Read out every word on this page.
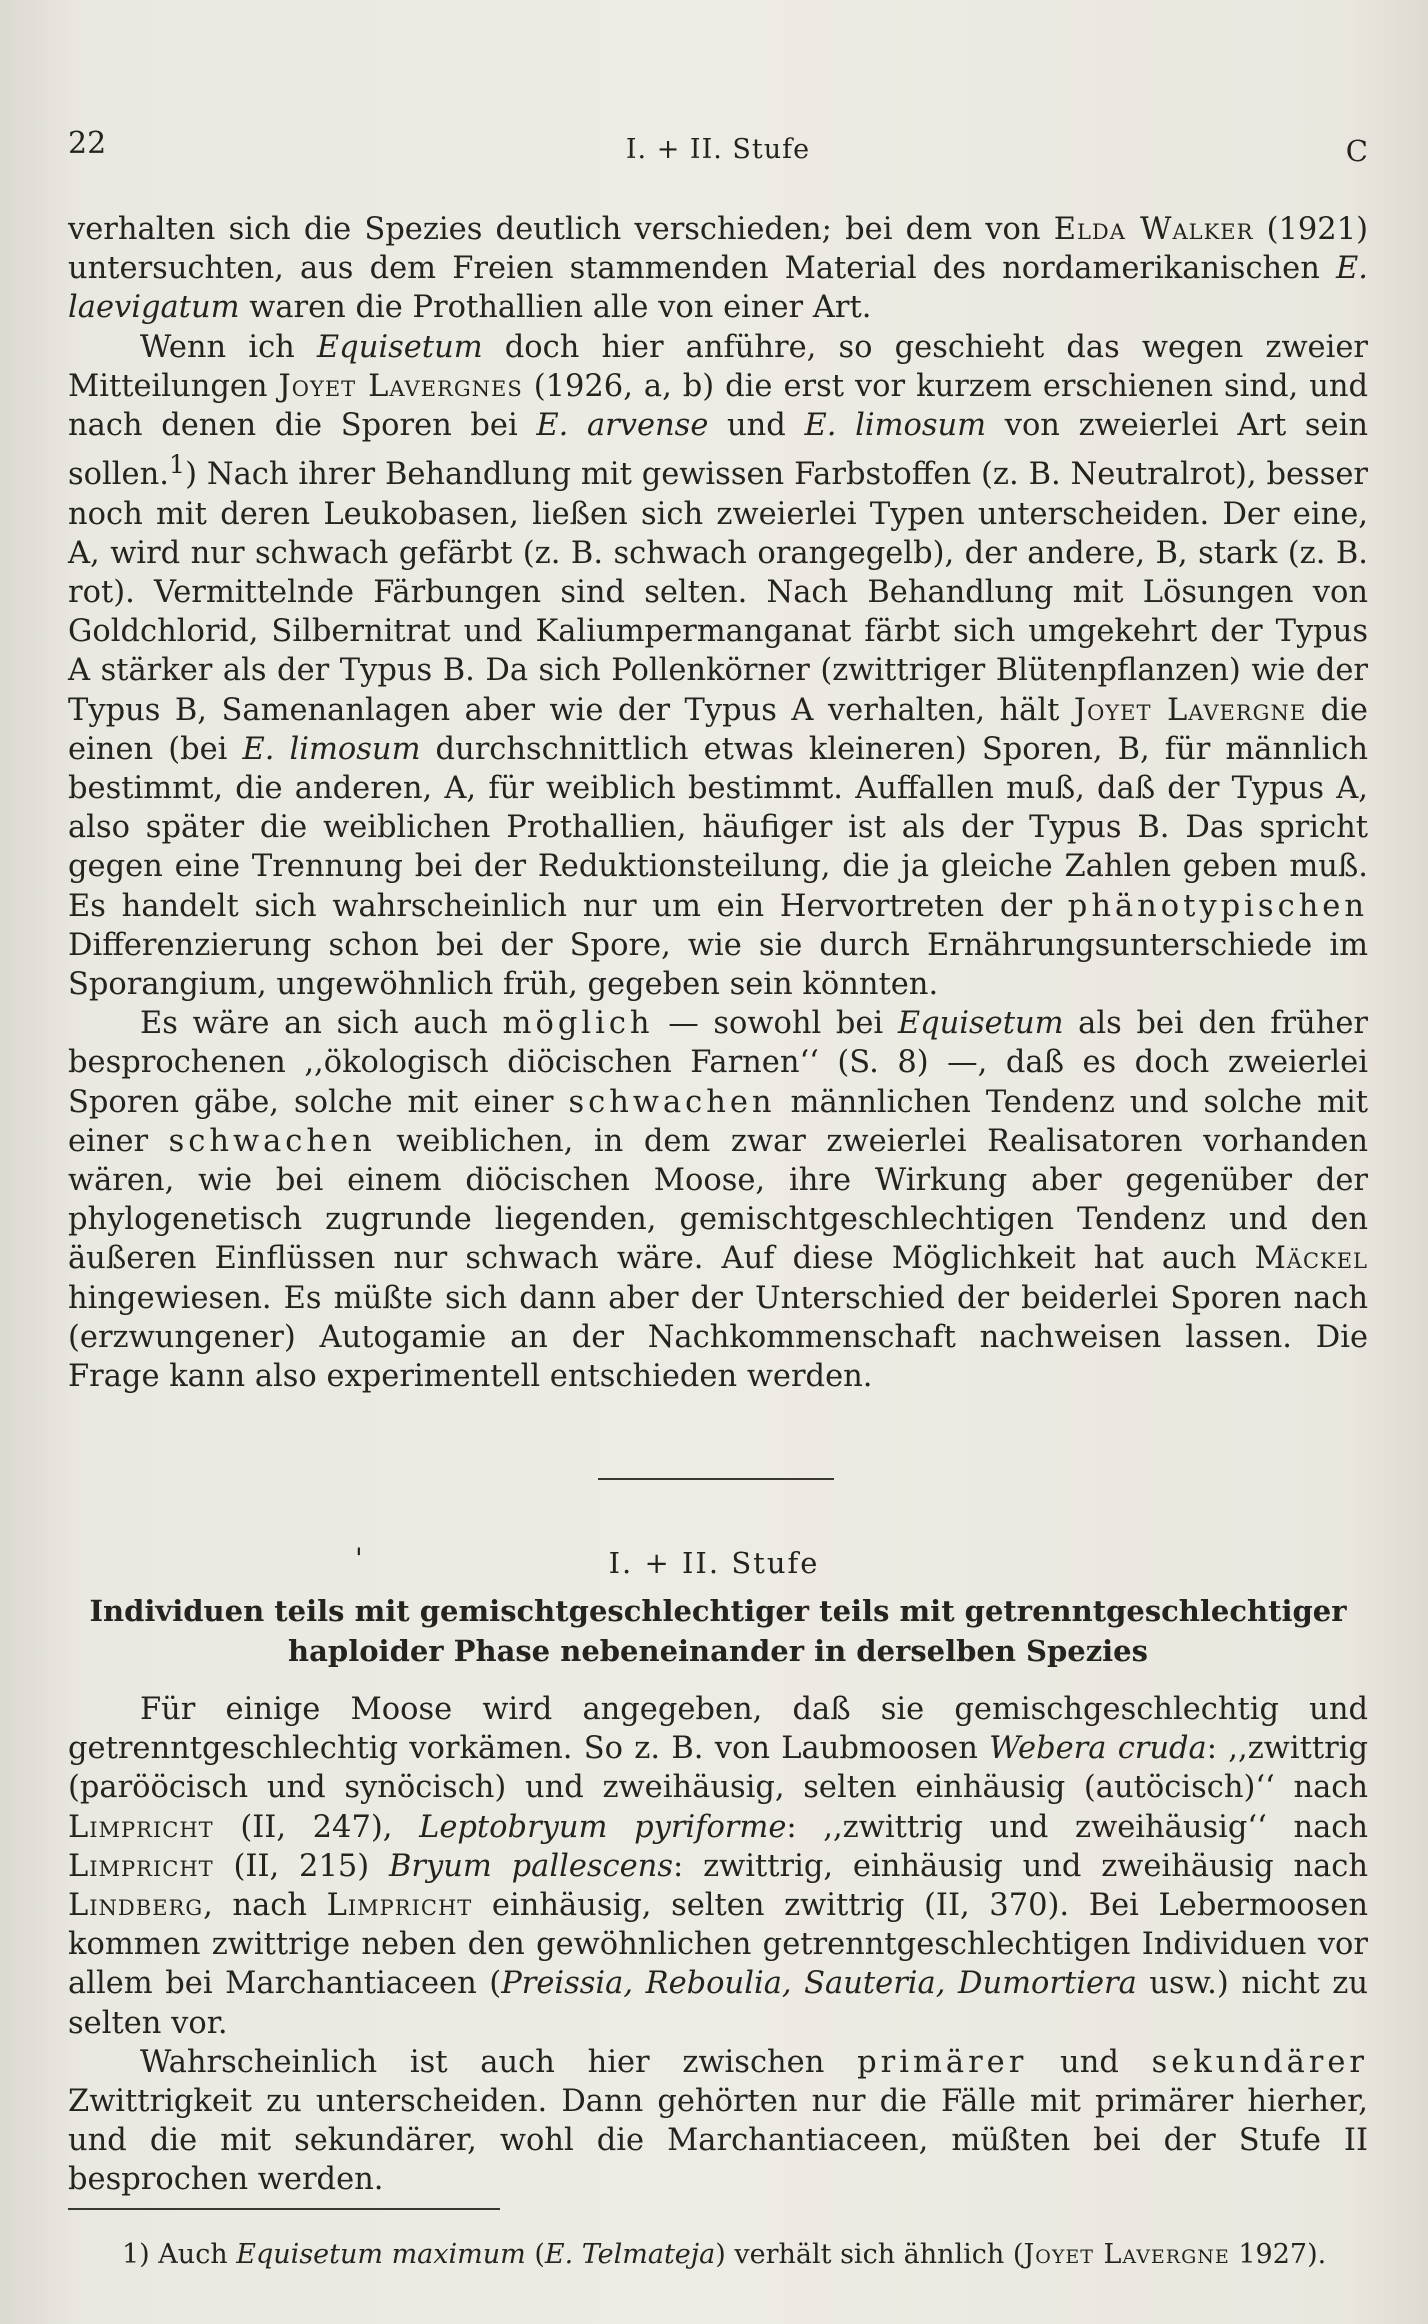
22	I. + II. Stufe	C

verhalten sich die Spezies deutlich verschieden; bei dem von Elda Walker (1921) untersuchten, aus dem Freien stammenden Material des nordamerikanischen E. laevigatum waren die Prothallien alle von einer Art.

Wenn ich Equisetum doch hier anführe, so geschieht das wegen zweier Mitteilungen Joyet Lavergnes (1926, a, b) die erst vor kurzem erschienen sind, und nach denen die Sporen bei E. arvense und E. limosum von zweierlei Art sein sollen.$^1$) Nach ihrer Behandlung mit gewissen Farbstoffen (z. B. Neutralrot), besser noch mit deren Leukobasen, ließen sich zweierlei Typen unterscheiden. Der eine, A, wird nur schwach gefärbt (z. B. schwach orangegelb), der andere, B, stark (z. B. rot). Vermittelnde Färbungen sind selten. Nach Behandlung mit Lösungen von Goldchlorid, Silbernitrat und Kaliumpermanganat färbt sich umgekehrt der Typus A stärker als der Typus B. Da sich Pollenkörner (zwittriger Blütenpflanzen) wie der Typus B, Samenanlagen aber wie der Typus A verhalten, hält Joyet Lavergne die einen (bei E. limosum durchschnittlich etwas kleineren) Sporen, B, für männlich bestimmt, die anderen, A, für weiblich bestimmt. Auffallen muß, daß der Typus A, also später die weiblichen Prothallien, häufiger ist als der Typus B. Das spricht gegen eine Trennung bei der Reduktionsteilung, die ja gleiche Zahlen geben muß. Es handelt sich wahrscheinlich nur um ein Hervortreten der phänotypischen Differenzierung schon bei der Spore, wie sie durch Ernährungsunterschiede im Sporangium, ungewöhnlich früh, gegeben sein könnten.

Es wäre an sich auch möglich — sowohl bei Equisetum als bei den früher besprochenen ,,ökologisch diöcischen Farnen‘‘ (S. 8) —, daß es doch zweierlei Sporen gäbe, solche mit einer schwachen männlichen Tendenz und solche mit einer schwachen weiblichen, in dem zwar zweierlei Realisatoren vorhanden wären, wie bei einem diöcischen Moose, ihre Wirkung aber gegenüber der phylogenetisch zugrunde liegenden, gemischtgeschlechtigen Tendenz und den äußeren Einflüssen nur schwach wäre. Auf diese Möglichkeit hat auch Mäckel hingewiesen. Es müßte sich dann aber der Unterschied der beiderlei Sporen nach (erzwungener) Autogamie an der Nachkommenschaft nachweisen lassen. Die Frage kann also experimentell entschieden werden.

'	I. + II. Stufe
Individuen teils mit gemischtgeschlechtiger teils mit getrenntgeschlechtiger
haploider Phase nebeneinander in derselben Spezies

Für einige Moose wird angegeben, daß sie gemischgeschlechtig und getrenntgeschlechtig vorkämen. So z. B. von Laubmoosen Webera cruda: ,,zwittrig (parööcisch und synöcisch) und zweihäusig, selten einhäusig (autöcisch)‘‘ nach Limpricht (II, 247), Leptobryum pyriforme: ,,zwittrig und zweihäusig‘‘ nach Limpricht (II, 215) Bryum pallescens: zwittrig, einhäusig und zweihäusig nach Lindberg, nach Limpricht einhäusig, selten zwittrig (II, 370). Bei Lebermoosen kommen zwittrige neben den gewöhnlichen getrenntgeschlechtigen Individuen vor allem bei Marchantiaceen (Preissia, Reboulia, Sauteria, Dumortiera usw.) nicht zu selten vor.

Wahrscheinlich ist auch hier zwischen primärer und sekundärer Zwittrigkeit zu unterscheiden. Dann gehörten nur die Fälle mit primärer hierher, und die mit sekundärer, wohl die Marchantiaceen, müßten bei der Stufe II besprochen werden.

1) Auch Equisetum maximum (E. Telmateja) verhält sich ähnlich (Joyet Lavergne 1927).
